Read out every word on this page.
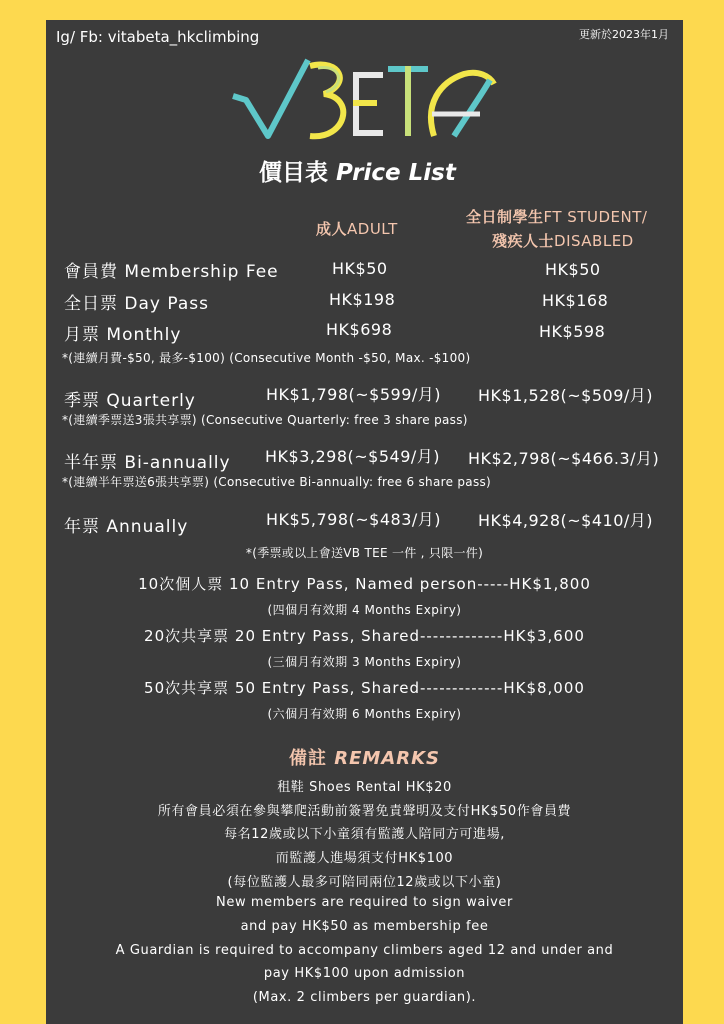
Ig/ Fb: vitabeta_hkclimbing	更新於2023年1月
價目表 Price List
成人ADULT
全日制學生FT STUDENT/
殘疾人士DISABLED
會員費 Membership Fee	HK$50	HK$50
全日票 Day Pass	HK$198	HK$168
月票 Monthly	HK$698	HK$598
*(連續月費-$50, 最多-$100) (Consecutive Month -$50, Max. -$100)
季票 Quarterly	HK$1,798(~$599/月) HK$1,528(~$509/月)
*(連續季票送3張共享票) (Consecutive Quarterly: free 3 share pass)
半年票 Bi-annually HK$3,298(~$549/月) HK$2,798(~$466.3/月)
*(連續半年票送6張共享票) (Consecutive Bi-annually: free 6 share pass)
年票 Annually	HK$5,798(~$483/月) HK$4,928(~$410/月)
*(季票或以上會送VB TEE 一件 , 只限一件)
10次個人票 10 Entry Pass, Named person-----HK$1,800
(四個月有效期 4 Months Expiry)
20次共享票 20 Entry Pass, Shared-------------HK$3,600
(三個月有效期 3 Months Expiry)
50次共享票 50 Entry Pass, Shared-------------HK$8,000
(六個月有效期 6 Months Expiry)
備註 REMARKS
租鞋 Shoes Rental HK$20
所有會員必須在參與攀爬活動前簽署免責聲明及支付HK$50作會員費
每名12歲或以下小童須有監護人陪同方可進場,
而監護人進場須支付HK$100
(每位監護人最多可陪同兩位12歲或以下小童)
New members are required to sign waiver
and pay HK$50 as membership fee
A Guardian is required to accompany climbers aged 12 and under and
pay HK$100 upon admission
(Max. 2 climbers per guardian).
